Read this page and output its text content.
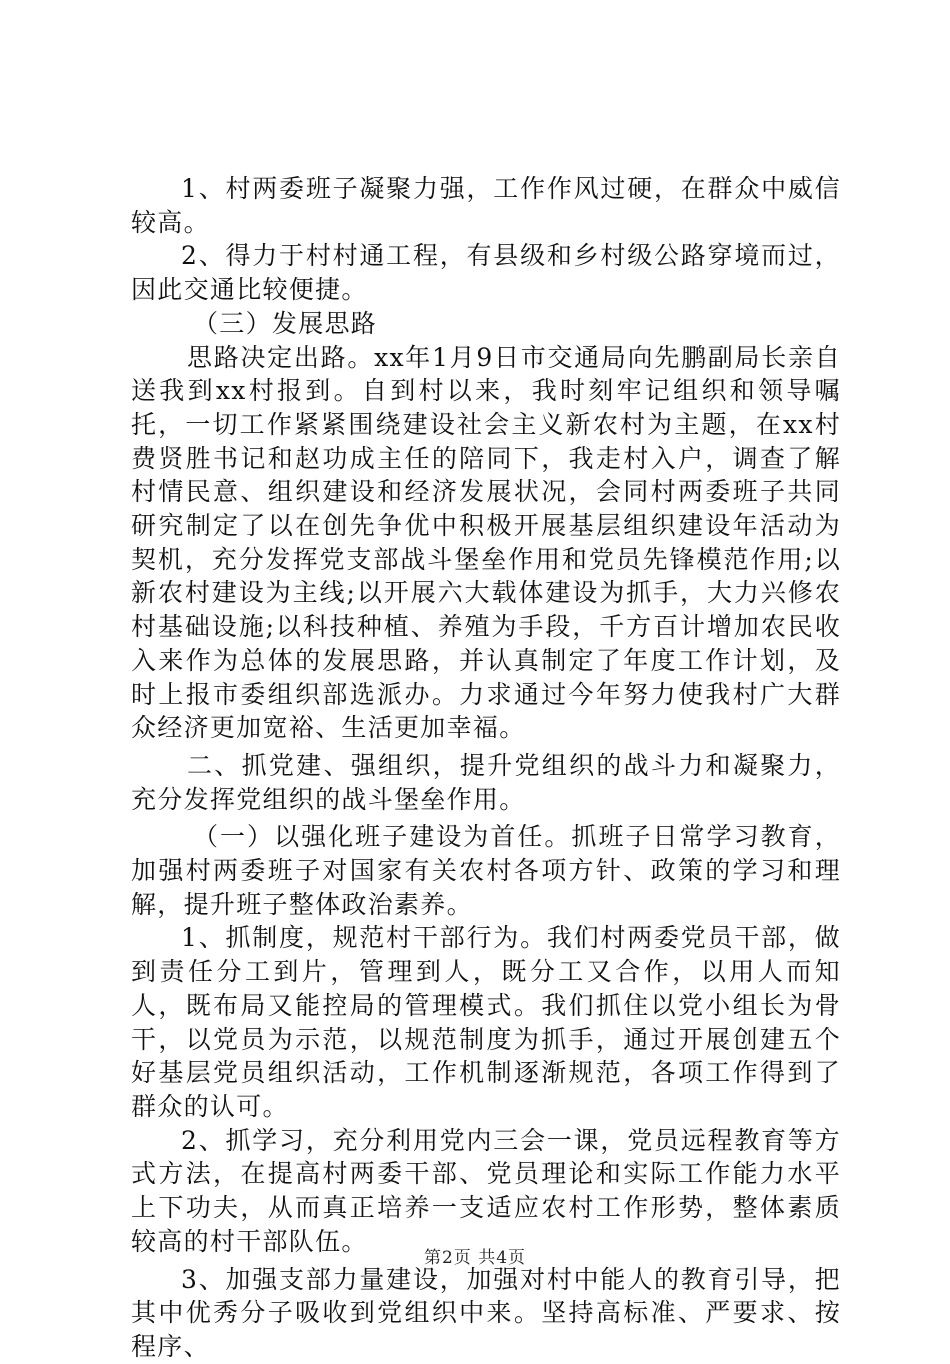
1、村两委班子凝聚力强，工作作风过硬，在群众中威信较高。

2、得力于村村通工程，有县级和乡村级公路穿境而过，因此交通比较便捷。

（三）发展思路

思路决定出路。xx年1月9日市交通局向先鹏副局长亲自送我到xx村报到。自到村以来，我时刻牢记组织和领导嘱托，一切工作紧紧围绕建设社会主义新农村为主题，在xx村费贤胜书记和赵功成主任的陪同下，我走村入户，调查了解村情民意、组织建设和经济发展状况，会同村两委班子共同研究制定了以在创先争优中积极开展基层组织建设年活动为契机，充分发挥党支部战斗堡垒作用和党员先锋模范作用;以新农村建设为主线;以开展六大载体建设为抓手，大力兴修农村基础设施;以科技种植、养殖为手段，千方百计增加农民收入来作为总体的发展思路，并认真制定了年度工作计划，及时上报市委组织部选派办。力求通过今年努力使我村广大群众经济更加宽裕、生活更加幸福。

二、抓党建、强组织，提升党组织的战斗力和凝聚力，充分发挥党组织的战斗堡垒作用。

（一）以强化班子建设为首任。抓班子日常学习教育，加强村两委班子对国家有关农村各项方针、政策的学习和理解，提升班子整体政治素养。

1、抓制度，规范村干部行为。我们村两委党员干部，做到责任分工到片，管理到人，既分工又合作，以用人而知人，既布局又能控局的管理模式。我们抓住以党小组长为骨干，以党员为示范，以规范制度为抓手，通过开展创建五个好基层党员组织活动，工作机制逐渐规范，各项工作得到了群众的认可。

2、抓学习，充分利用党内三会一课，党员远程教育等方式方法，在提高村两委干部、党员理论和实际工作能力水平上下功夫，从而真正培养一支适应农村工作形势，整体素质较高的村干部队伍。

3、加强支部力量建设，加强对村中能人的教育引导，把其中优秀分子吸收到党组织中来。坚持高标准、严要求、按程序、

第2页 共4页
